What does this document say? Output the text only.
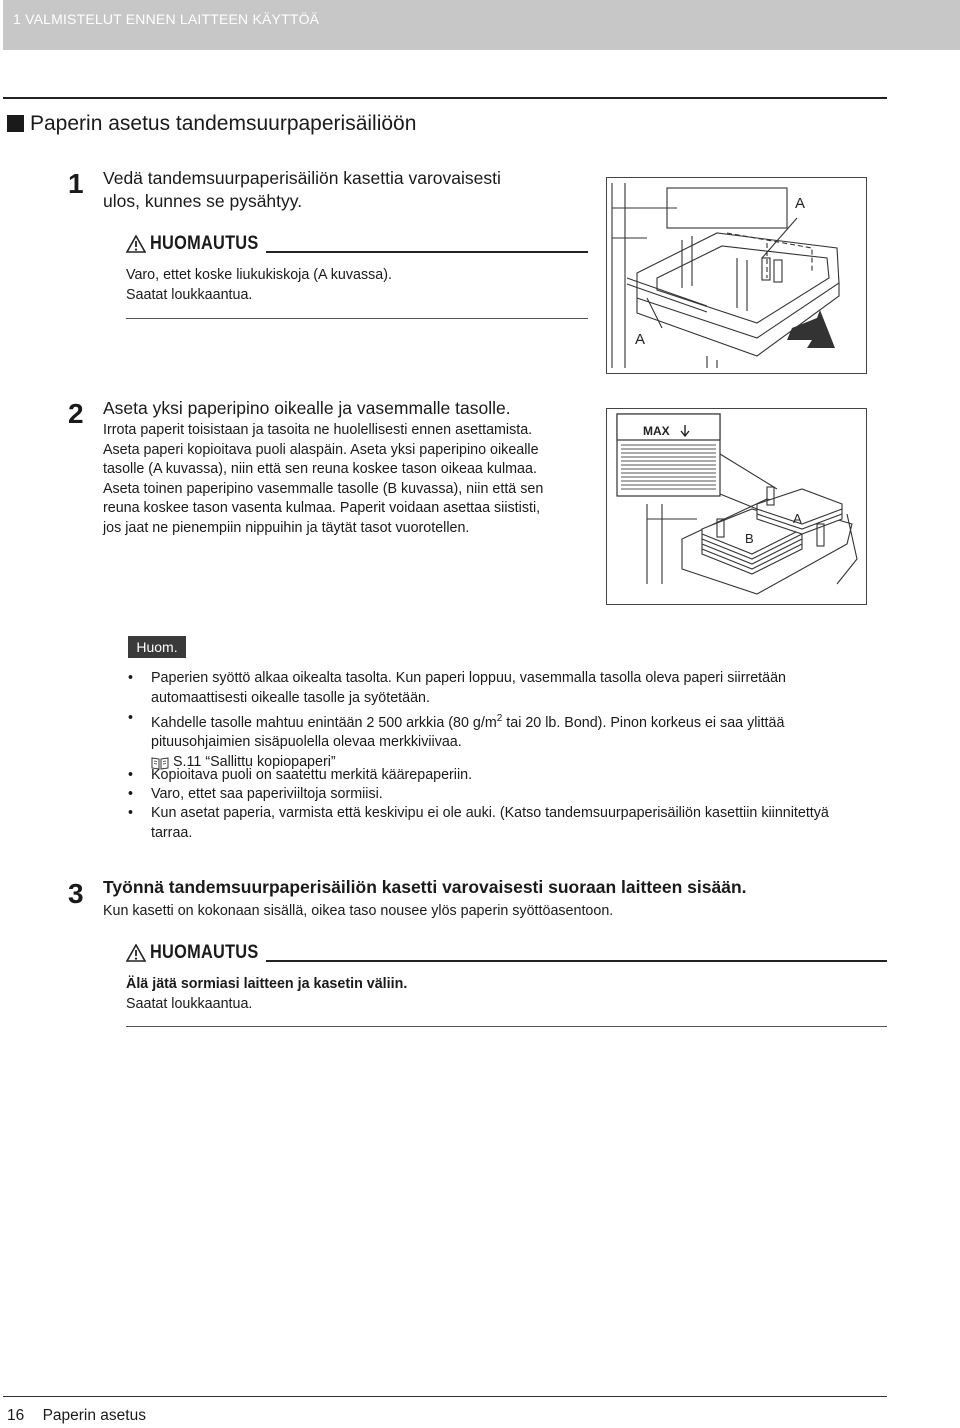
1 VALMISTELUT ENNEN LAITTEEN KÄYTTÖÄ
Paperin asetus tandemsuurpaperisäiliöön
1 Vedä tandemsuurpaperisäiliön kasettia varovaisesti
ulos, kunnes se pysähtyy.
HUOMAUTUS
Varo, ettet koske liukukiskoja (A kuvassa).
Saatat loukkaantua.
A
A
2 Aseta yksi paperipino oikealle ja vasemmalle tasolle.
Irrota paperit toisistaan ja tasoita ne huolellisesti ennen asettamista.
Aseta paperi kopioitava puoli alaspäin. Aseta yksi paperipino oikealle
tasolle (A kuvassa), niin että sen reuna koskee tason oikeaa kulmaa.
Aseta toinen paperipino vasemmalle tasolle (B kuvassa), niin että sen
reuna koskee tason vasenta kulmaa. Paperit voidaan asettaa siististi,
jos jaat ne pienempiin nippuihin ja täytät tasot vuorotellen.
MAX
B
A
Huom.
• Paperien syöttö alkaa oikealta tasolta. Kun paperi loppuu, vasemmalla tasolla oleva paperi siirretään
automaattisesti oikealle tasolle ja syötetään.
• Kahdelle tasolle mahtuu enintään 2 500 arkkia (80 $g/m^2$ tai 20 lb. Bond). Pinon korkeus ei saa ylittää
pituusohjaimien sisäpuolella olevaa merkkiviivaa.
S.11 “Sallittu kopiopaperi”
• Kopioitava puoli on saatettu merkitä käärepaperiin.
• Varo, ettet saa paperiviiltoja sormiisi.
• Kun asetat paperia, varmista että keskivipu ei ole auki. (Katso tandemsuurpaperisäiliön kasettiin kiinnitettyä
tarraa.
3 Työnnä tandemsuurpaperisäiliön kasetti varovaisesti suoraan laitteen sisään.
Kun kasetti on kokonaan sisällä, oikea taso nousee ylös paperin syöttöasentoon.
HUOMAUTUS
Älä jätä sormiasi laitteen ja kasetin väliin.
Saatat loukkaantua.
16 Paperin asetus
